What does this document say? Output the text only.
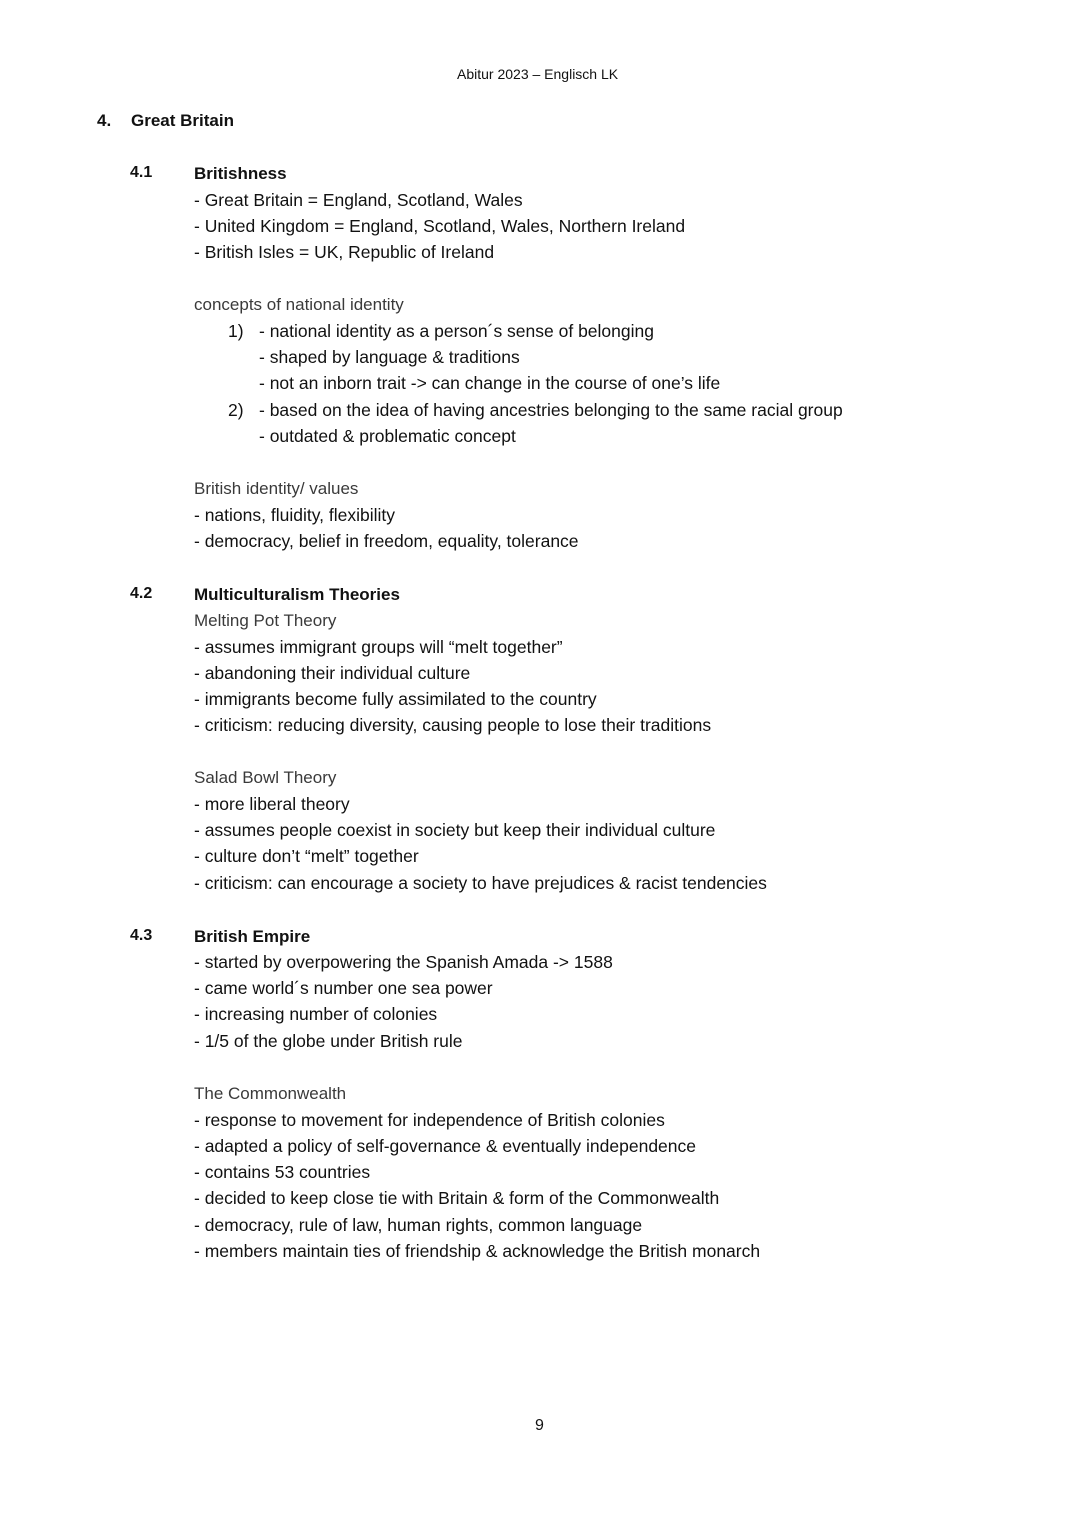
Abitur 2023 – Englisch LK
4. Great Britain
4.1 Britishness
- Great Britain = England, Scotland, Wales
- United Kingdom = England, Scotland, Wales, Northern Ireland
- British Isles = UK, Republic of Ireland
concepts of national identity
1) - national identity as a person´s sense of belonging
- shaped by language & traditions
- not an inborn trait -> can change in the course of one’s life
2) - based on the idea of having ancestries belonging to the same racial group
- outdated & problematic concept
British identity/ values
- nations, fluidity, flexibility
- democracy, belief in freedom, equality, tolerance
4.2 Multiculturalism Theories
Melting Pot Theory
- assumes immigrant groups will “melt together”
- abandoning their individual culture
- immigrants become fully assimilated to the country
- criticism: reducing diversity, causing people to lose their traditions
Salad Bowl Theory
- more liberal theory
- assumes people coexist in society but keep their individual culture
- culture don’t “melt” together
- criticism: can encourage a society to have prejudices & racist tendencies
4.3 British Empire
- started by overpowering the Spanish Amada -> 1588
- came world´s number one sea power
- increasing number of colonies
- 1/5 of the globe under British rule
The Commonwealth
- response to movement for independence of British colonies
- adapted a policy of self-governance & eventually independence
- contains 53 countries
- decided to keep close tie with Britain & form of the Commonwealth
- democracy, rule of law, human rights, common language
- members maintain ties of friendship & acknowledge the British monarch
9
